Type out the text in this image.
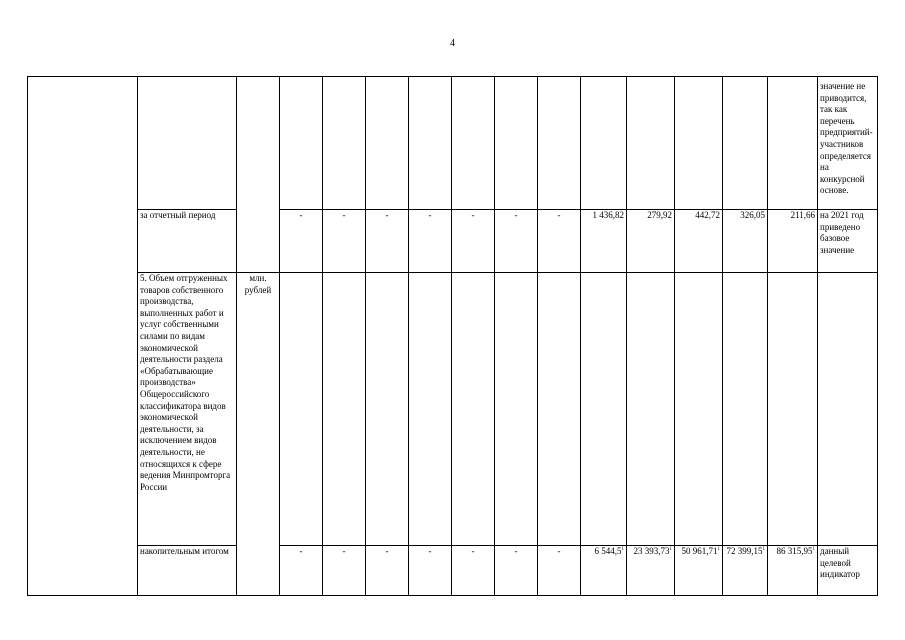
4
															значение не приводится, так как перечень предприятий-участников определяется на конкурсной основе.
	за отчетный период		-	-	-	-	-	-	-	1 436,82	279,92	442,72	326,05	211,66	на 2021 год приведено базовое значение
	5. Объем отгруженных товаров собственного производства, выполненных работ и услуг собственными силами по видам экономической деятельности раздела «Обрабатывающие производства» Общероссийского классификатора видов экономической деятельности, за исключением видов деятельности, не относящихся к сфере ведения Минпромторга России	млн. рублей													
	накопительным итогом		-	-	-	-	-	-	-	6 544,5$^1$	23 393,73$^1$	50 961,71$^1$	72 399,15$^1$	86 315,95$^1$	данный целевой индикатор
